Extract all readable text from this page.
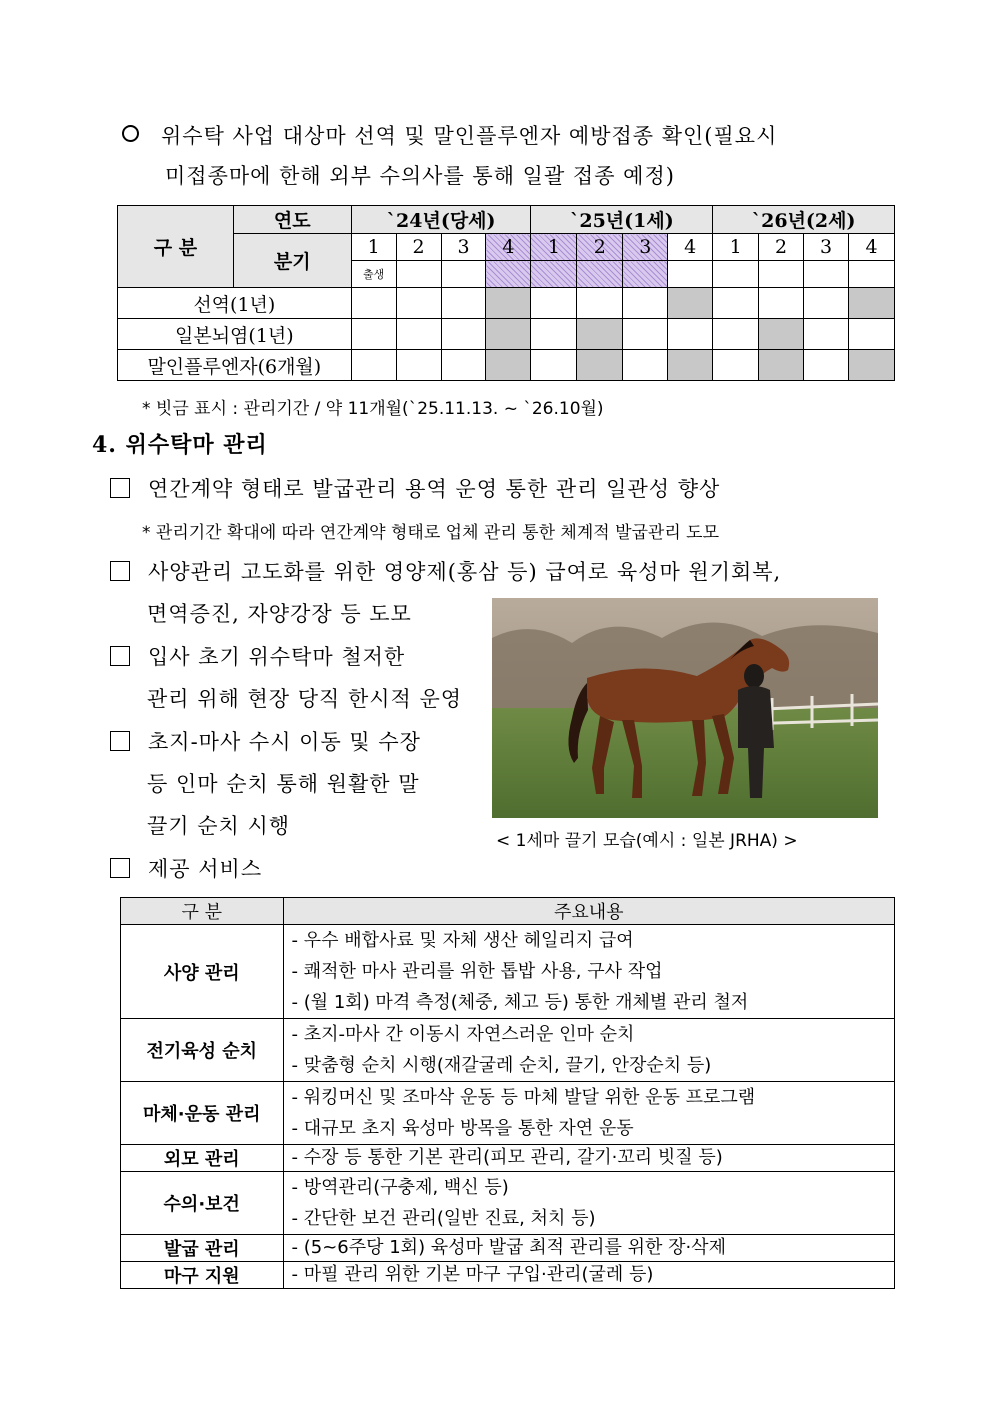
위수탁 사업 대상마 선역 및 말인플루엔자 예방접종 확인(필요시
미접종마에 한해 외부 수의사를 통해 일괄 접종 예정)
구 분	연도	`24년(당세)				`25년(1세)				`26년(2세)			
	분기	1	2	3	4	1	2	3	4	1	2	3	4
		출생											
선역(1년)													
일본뇌염(1년)													
말인플루엔자(6개월)													
* 빗금 표시 : 관리기간 / 약 11개월(`25.11.13. ~ `26.10월)
4. 위수탁마 관리
연간계약 형태로 발굽관리 용역 운영 통한 관리 일관성 향상
* 관리기간 확대에 따라 연간계약 형태로 업체 관리 통한 체계적 발굽관리 도모
사양관리 고도화를 위한 영양제(홍삼 등) 급여로 육성마 원기회복,
면역증진, 자양강장 등 도모
입사 초기 위수탁마 철저한
관리 위해 현장 당직 한시적 운영
초지-마사 수시 이동 및 수장
등 인마 순치 통해 원활한 말
끌기 순치 시행
< 1세마 끌기 모습(예시 : 일본 JRHA) >
제공 서비스
구 분	주요내용
사양 관리	- 우수 배합사료 및 자체 생산 헤일리지 급여
- 쾌적한 마사 관리를 위한 톱밥 사용, 구사 작업
- (월 1회) 마격 측정(체중, 체고 등) 통한 개체별 관리 철저

전기육성 순치	- 초지-마사 간 이동시 자연스러운 인마 순치
- 맞춤형 순치 시행(재갈굴레 순치, 끌기, 안장순치 등)

마체·운동 관리	- 워킹머신 및 조마삭 운동 등 마체 발달 위한 운동 프로그램
- 대규모 초지 육성마 방목을 통한 자연 운동

외모 관리	- 수장 등 통한 기본 관리(피모 관리, 갈기·꼬리 빗질 등)

수의·보건	- 방역관리(구충제, 백신 등)
- 간단한 보건 관리(일반 진료, 처치 등)

발굽 관리	- (5~6주당 1회) 육성마 발굽 최적 관리를 위한 장·삭제

마구 지원	- 마필 관리 위한 기본 마구 구입·관리(굴레 등)
